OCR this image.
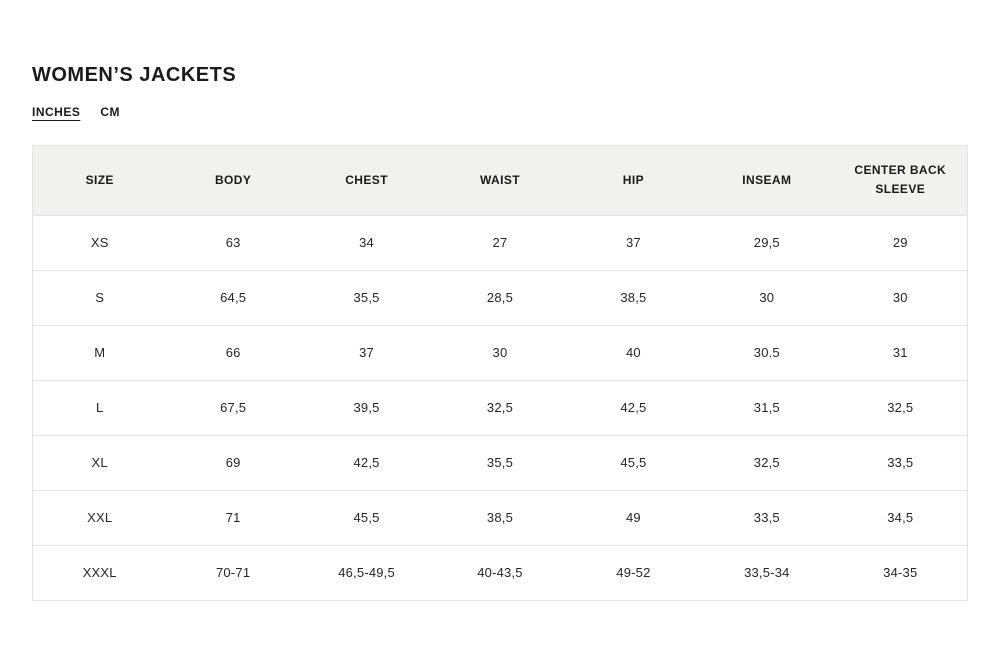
WOMEN’S JACKETS
INCHES CM
SIZE	BODY	CHEST	WAIST	HIP	INSEAM	CENTER BACK SLEEVE
XS	63	34	27	37	29,5	29
S	64,5	35,5	28,5	38,5	30	30
M	66	37	30	40	30.5	31
L	67,5	39,5	32,5	42,5	31,5	32,5
XL	69	42,5	35,5	45,5	32,5	33,5
XXL	71	45,5	38,5	49	33,5	34,5
XXXL	70-71	46,5-49,5	40-43,5	49-52	33,5-34	34-35
